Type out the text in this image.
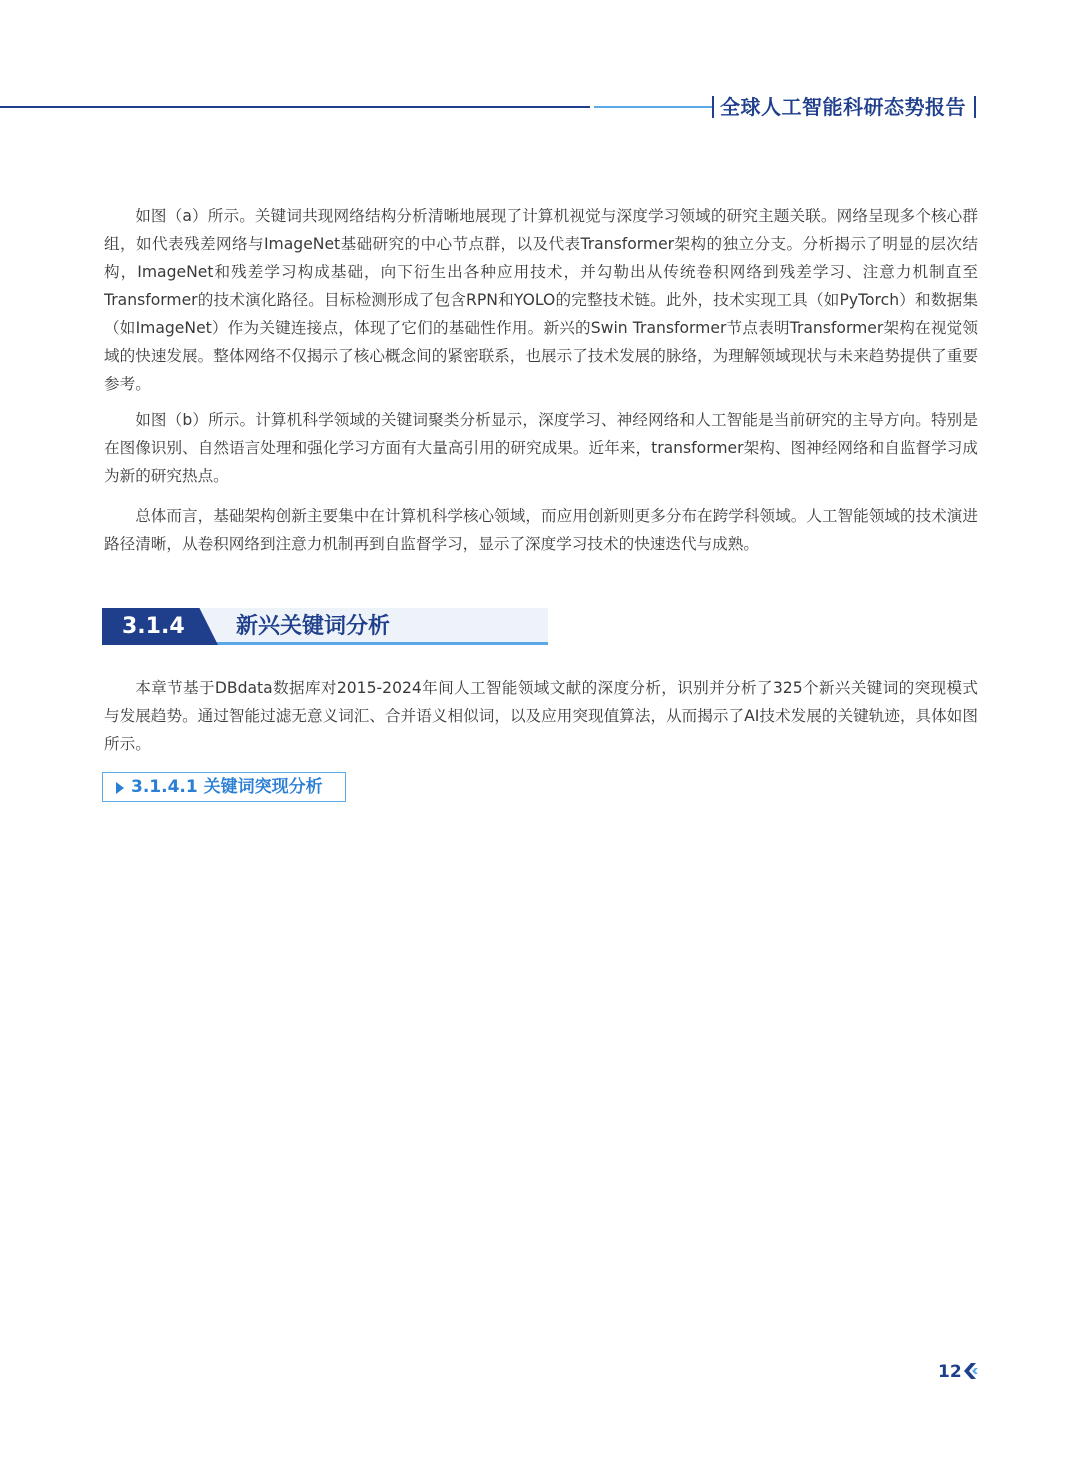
全球人工智能科研态势报告

如图（a）所示。关键词共现网络结构分析清晰地展现了计算机视觉与深度学习领域的研究主题关联。网络呈现多个核心群组，如代表残差网络与ImageNet基础研究的中心节点群，以及代表Transformer架构的独立分支。分析揭示了明显的层次结构，ImageNet和残差学习构成基础，向下衍生出各种应用技术，并勾勒出从传统卷积网络到残差学习、注意力机制直至Transformer的技术演化路径。目标检测形成了包含RPN和YOLO的完整技术链。此外，技术实现工具（如PyTorch）和数据集（如ImageNet）作为关键连接点，体现了它们的基础性作用。新兴的Swin Transformer节点表明Transformer架构在视觉领域的快速发展。整体网络不仅揭示了核心概念间的紧密联系，也展示了技术发展的脉络，为理解领域现状与未来趋势提供了重要参考。

如图（b）所示。计算机科学领域的关键词聚类分析显示，深度学习、神经网络和人工智能是当前研究的主导方向。特别是在图像识别、自然语言处理和强化学习方面有大量高引用的研究成果。近年来，transformer架构、图神经网络和自监督学习成为新的研究热点。

总体而言，基础架构创新主要集中在计算机科学核心领域，而应用创新则更多分布在跨学科领域。人工智能领域的技术演进路径清晰，从卷积网络到注意力机制再到自监督学习，显示了深度学习技术的快速迭代与成熟。

3.1.4 新兴关键词分析

本章节基于DBdata数据库对2015-2024年间人工智能领域文献的深度分析，识别并分析了325个新兴关键词的突现模式与发展趋势。通过智能过滤无意义词汇、合并语义相似词，以及应用突现值算法，从而揭示了AI技术发展的关键轨迹，具体如图所示。

3.1.4.1 关键词突现分析
12
